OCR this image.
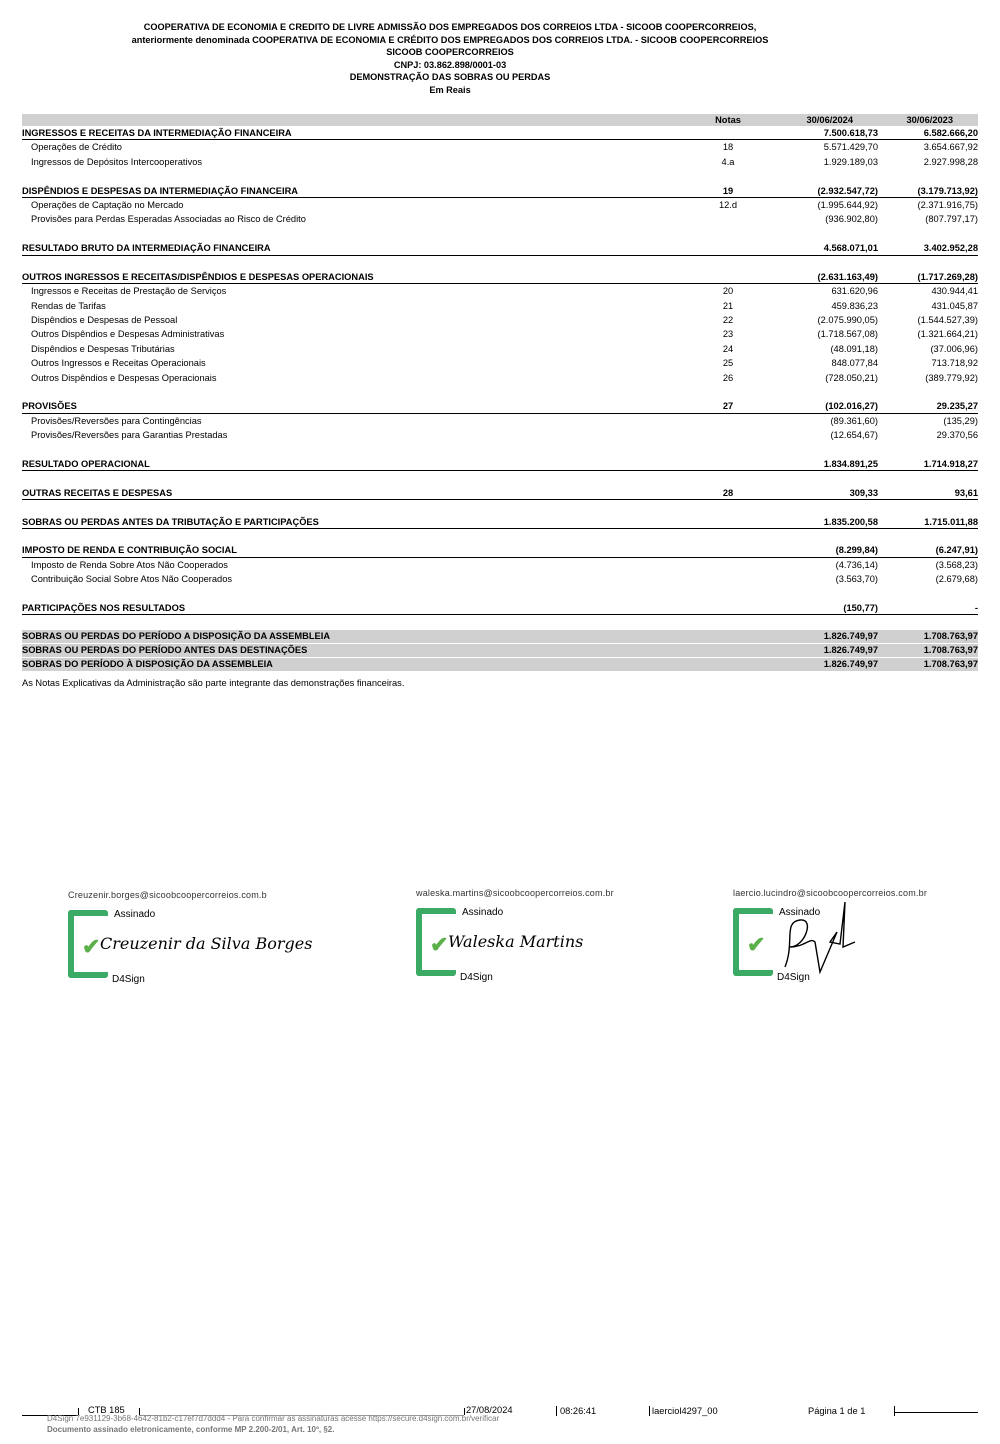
COOPERATIVA DE ECONOMIA E CREDITO DE LIVRE ADMISSÃO DOS EMPREGADOS DOS CORREIOS LTDA - SICOOB COOPERCORREIOS,
anteriormente denominada COOPERATIVA DE ECONOMIA E CRÉDITO DOS EMPREGADOS DOS CORREIOS LTDA. - SICOOB COOPERCORREIOS
SICOOB COOPERCORREIOS
CNPJ: 03.862.898/0001-03
DEMONSTRAÇÃO DAS SOBRAS OU PERDAS
Em Reais
Notas	30/06/2024	30/06/2023
INGRESSOS E RECEITAS DA INTERMEDIAÇÃO FINANCEIRA	7.500.618,73	6.582.666,20
Operações de Crédito	18	5.571.429,70	3.654.667,92
Ingressos de Depósitos Intercooperativos	4.a	1.929.189,03	2.927.998,28
DISPÊNDIOS E DESPESAS DA INTERMEDIAÇÃO FINANCEIRA	19	(2.932.547,72)	(3.179.713,92)
Operações de Captação no Mercado	12.d	(1.995.644,92)	(2.371.916,75)
Provisões para Perdas Esperadas Associadas ao Risco de Crédito	(936.902,80)	(807.797,17)
RESULTADO BRUTO DA INTERMEDIAÇÃO FINANCEIRA	4.568.071,01	3.402.952,28
OUTROS INGRESSOS E RECEITAS/DISPÊNDIOS E DESPESAS OPERACIONAIS	(2.631.163,49)	(1.717.269,28)
Ingressos e Receitas de Prestação de Serviços	20	631.620,96	430.944,41
Rendas de Tarifas	21	459.836,23	431.045,87
Dispêndios e Despesas de Pessoal	22	(2.075.990,05)	(1.544.527,39)
Outros Dispêndios e Despesas Administrativas	23	(1.718.567,08)	(1.321.664,21)
Dispêndios e Despesas Tributárias	24	(48.091,18)	(37.006,96)
Outros Ingressos e Receitas Operacionais	25	848.077,84	713.718,92
Outros Dispêndios e Despesas Operacionais	26	(728.050,21)	(389.779,92)
PROVISÕES	27	(102.016,27)	29.235,27
Provisões/Reversões para Contingências	(89.361,60)	(135,29)
Provisões/Reversões para Garantias Prestadas	(12.654,67)	29.370,56
RESULTADO OPERACIONAL	1.834.891,25	1.714.918,27
OUTRAS RECEITAS E DESPESAS	28	309,33	93,61
SOBRAS OU PERDAS ANTES DA TRIBUTAÇÃO E PARTICIPAÇÕES	1.835.200,58	1.715.011,88
IMPOSTO DE RENDA E CONTRIBUIÇÃO SOCIAL	(8.299,84)	(6.247,91)
Imposto de Renda Sobre Atos Não Cooperados	(4.736,14)	(3.568,23)
Contribuição Social Sobre Atos Não Cooperados	(3.563,70)	(2.679,68)
PARTICIPAÇÕES NOS RESULTADOS	(150,77)	-
SOBRAS OU PERDAS DO PERÍODO A DISPOSIÇÃO DA ASSEMBLEIA	1.826.749,97	1.708.763,97
SOBRAS OU PERDAS DO PERÍODO ANTES DAS DESTINAÇÕES	1.826.749,97	1.708.763,97
SOBRAS DO PERÍODO À DISPOSIÇÃO DA ASSEMBLEIA	1.826.749,97	1.708.763,97
As Notas Explicativas da Administração são parte integrante das demonstrações financeiras.
Creuzenir.borges@sicoobcoopercorreios.com.b
Assinado
✔ Creuzenir da Silva Borges
D4Sign
waleska.martins@sicoobcoopercorreios.com.br
Assinado
✔ Waleska Martins
D4Sign
laercio.lucindro@sicoobcoopercorreios.com.br
Assinado
✔
D4Sign
CTB 185	27/08/2024	08:26:41	laerciol4297_00	Página 1 de 1
D4Sign 7e931129-3b68-4642-81b2-c17ef7d7ddd4 - Para confirmar as assinaturas acesse https://secure.d4sign.com.br/verificar
Documento assinado eletronicamente, conforme MP 2.200-2/01, Art. 10º, §2.
